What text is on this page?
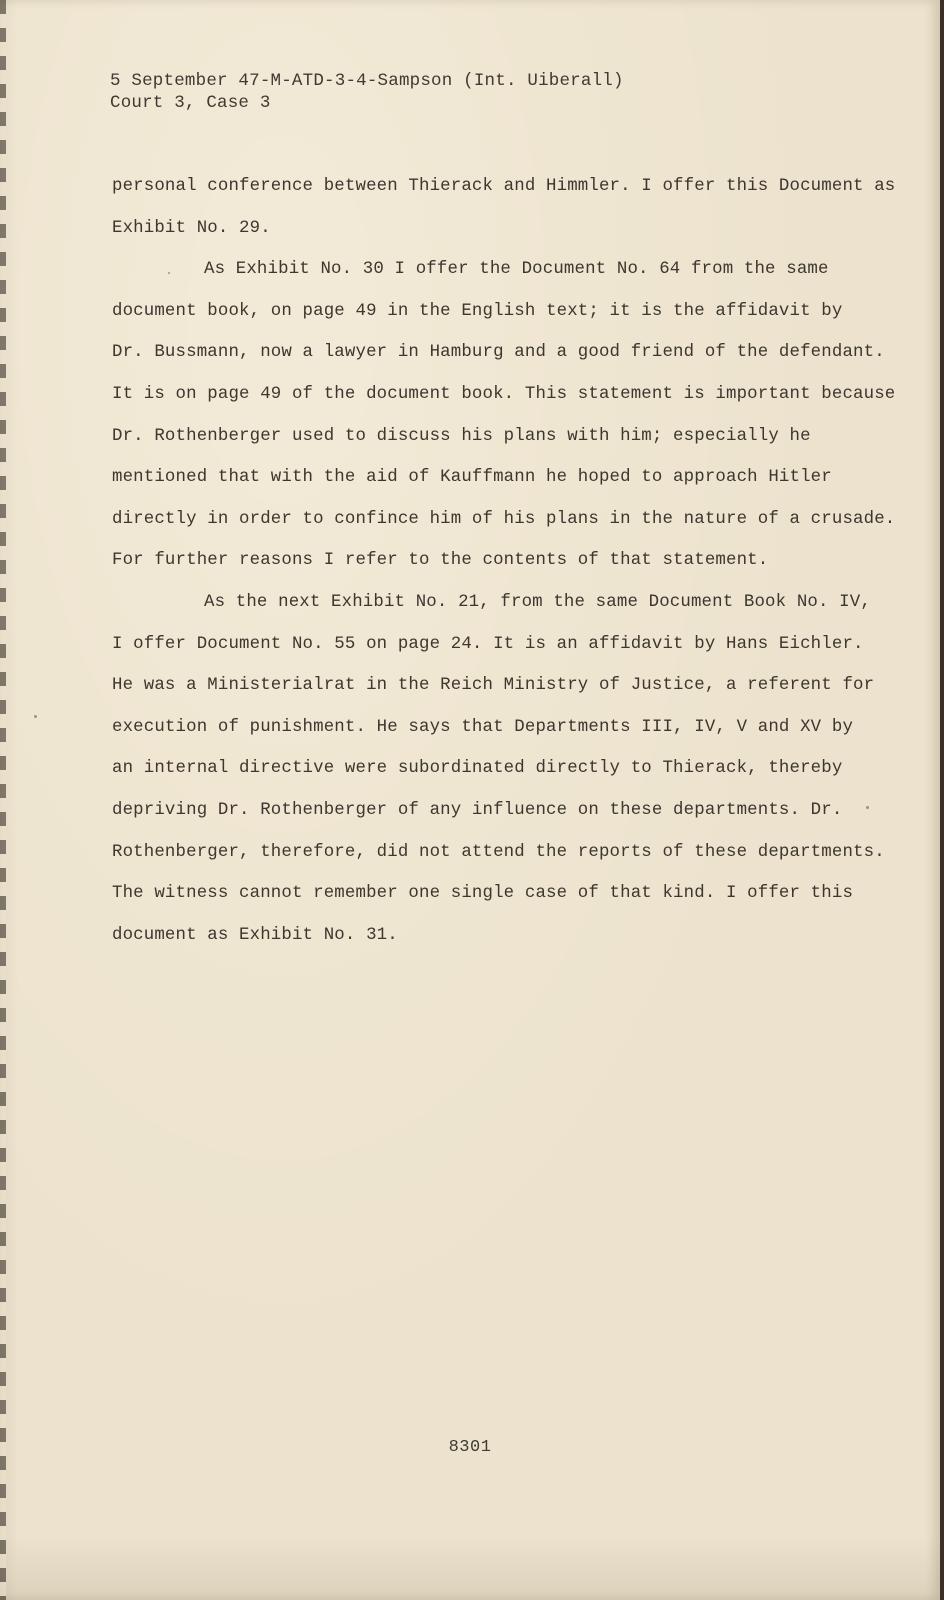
5 September 47-M-ATD-3-4-Sampson (Int. Uiberall)
Court 3, Case 3
personal conference between Thierack and Himmler. I offer this Document as
Exhibit No. 29.
As Exhibit No. 30 I offer the Document No. 64 from the same
document book, on page 49 in the English text; it is the affidavit by
Dr. Bussmann, now a lawyer in Hamburg and a good friend of the defendant.
It is on page 49 of the document book. This statement is important because
Dr. Rothenberger used to discuss his plans with him; especially he
mentioned that with the aid of Kauffmann he hoped to approach Hitler
directly in order to confince him of his plans in the nature of a crusade.
For further reasons I refer to the contents of that statement.
As the next Exhibit No. 21, from the same Document Book No. IV,
I offer Document No. 55 on page 24. It is an affidavit by Hans Eichler.
He was a Ministerialrat in the Reich Ministry of Justice, a referent for
execution of punishment. He says that Departments III, IV, V and XV by
an internal directive were subordinated directly to Thierack, thereby
depriving Dr. Rothenberger of any influence on these departments. Dr.
Rothenberger, therefore, did not attend the reports of these departments.
The witness cannot remember one single case of that kind. I offer this
document as Exhibit No. 31.
8301
